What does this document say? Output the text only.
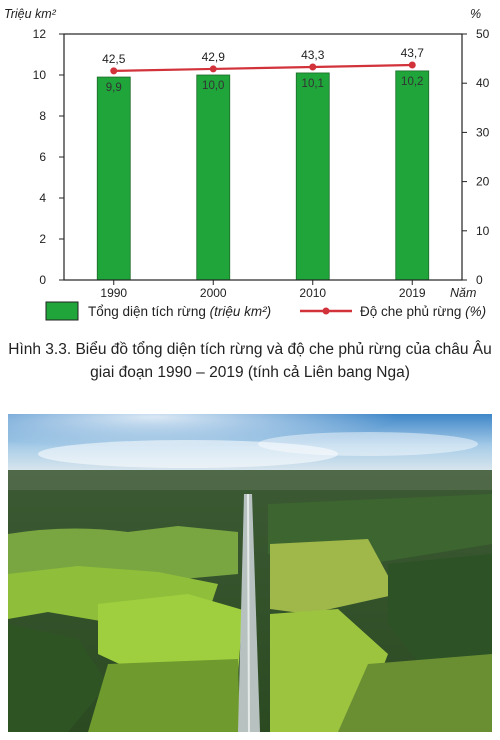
0
2
4
6
8
10
12
0
10
20
30
40
50
Triệu km²	%
Năm
1990	2000	2010	2019
9,9	10,0	10,1	10,2
42,5	42,9	43,3	43,7
Tổng diện tích rừng (triệu km²)	Độ che phủ rừng (%)
Hình 3.3. Biểu đồ tổng diện tích rừng và độ che phủ rừng của châu Âu
giai đoạn 1990 – 2019 (tính cả Liên bang Nga)
